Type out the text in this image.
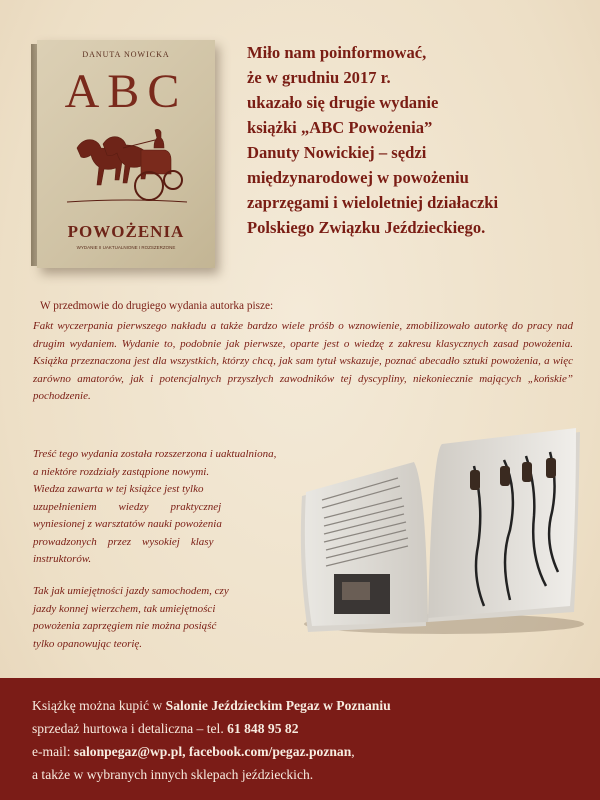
DANUTA NOWICKA
ABC
POWOŻENIA
WYDANIE II UAKTUALNIONE I ROZSZERZONE
Miło nam poinformować,
że w grudniu 2017 r.
ukazało się drugie wydanie
książki „ABC Powożenia”
Danuty Nowickiej – sędzi
międzynarodowej w powożeniu
zaprzęgami i wieloletniej działaczki
Polskiego Związku Jeździeckiego.
W przedmowie do drugiego wydania autorka pisze:
Fakt wyczerpania pierwszego nakładu a także bardzo wiele próśb o wznowienie, zmobilizowało autorkę do pracy nad drugim wydaniem. Wydanie to, podobnie jak pierwsze, oparte jest o wiedzę z zakresu klasycznych zasad powożenia. Książka przeznaczona jest dla wszystkich, którzy chcą, jak sam tytuł wskazuje, poznać abecadło sztuki powożenia, a więc zarówno amatorów, jak i potencjalnych przyszłych zawodników tej dyscypliny, niekoniecznie mających „końskie” pochodzenie.
Treść tego wydania została rozszerzona i uaktualniona,
a niektóre rozdziały zastąpione nowymi.
Wiedza zawarta w tej książce jest tylko
uzupełnieniem        wiedzy        praktycznej
wyniesionej z warsztatów nauki powożenia
prowadzonych    przez    wysokiej    klasy
instruktorów.
Tak jak umiejętności jazdy samochodem, czy
jazdy konnej wierzchem, tak umiejętności
powożenia zaprzęgiem nie można posiąść
tylko opanowując teorię.
Książkę można kupić w Salonie Jeździeckim Pegaz w Poznaniu
sprzedaż hurtowa i detaliczna – tel. 61 848 95 82
e-mail: salonpegaz@wp.pl, facebook.com/pegaz.poznan,
a także w wybranych innych sklepach jeździeckich.
